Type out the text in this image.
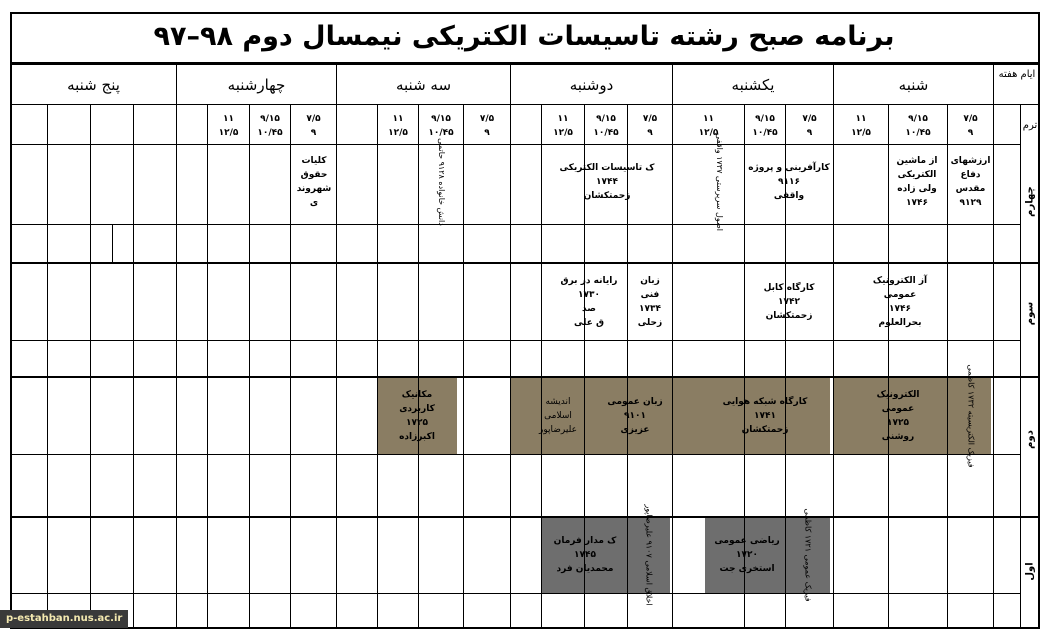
برنامه صبح رشته تاسیسات الکتریکی نیمسال دوم ۹۸–۹۷
ایام هفته
ترم
شنبه
یکشنبه
دوشنبه
سه شنبه
چهارشنبه
پنج شنبه
۷/۵
۹
۹/۱۵
۱۰/۴۵
۱۱
۱۲/۵
۷/۵
۹
۹/۱۵
۱۰/۴۵
۱۱
۱۲/۵
۷/۵
۹
۹/۱۵
۱۰/۴۵
۱۱
۱۲/۵
۷/۵
۹
۹/۱۵
۱۰/۴۵
۱۱
۱۲/۵
۷/۵
۹
۹/۱۵
۱۰/۴۵
۱۱
۱۲/۵
چهارم
سوم
دوم
اول
ارزشهای
دفاع
مقدس
۹۱۲۹
از ماشین
الکتریکی
ولی زاده
۱۷۴۶
کارآفرینی و پروژه
۹۱۱۶
واقفی
اصول سرپرستی ۱۷۳۷ واقفی
ک تاسیسات الکتریکی
۱۷۴۴
زحمتکشان
دانش خانواده ۹۱۲۸ حاتمی
کلیات
حقوق
شهروند
ی
آز الکترونیک
عمومی
۱۷۴۶
بحرالعلوم
کارگاه کابل
۱۷۴۲
زحمتکشان
زبان
فنی
۱۷۳۴
زحلی
رایانه در برق
۱۷۳۰
صد
ق علی
فیزیک الکتریسیته ۱۷۳۲ کاظمی
الکترونیک
عمومی
۱۷۲۵
روشنی
کارگاه شبکه هوایی
۱۷۴۱
زحمتکشان
زبان عمومی
۹۱۰۱
عزیزی
اندیشه
اسلامی
علیرضاپور
مکانیک
کاربردی
۱۷۲۵
اکبرزاده
فیزیک عمومی ۱۷۲۱ کاظمی
ریاضی عمومی
۱۷۲۰
استخری جت
اخلاق اسلامی ۹۱۰۷ علیرضاپور
ک مدار فرمان
۱۷۴۵
محمدیان فرد
p-estahban.nus.ac.ir
